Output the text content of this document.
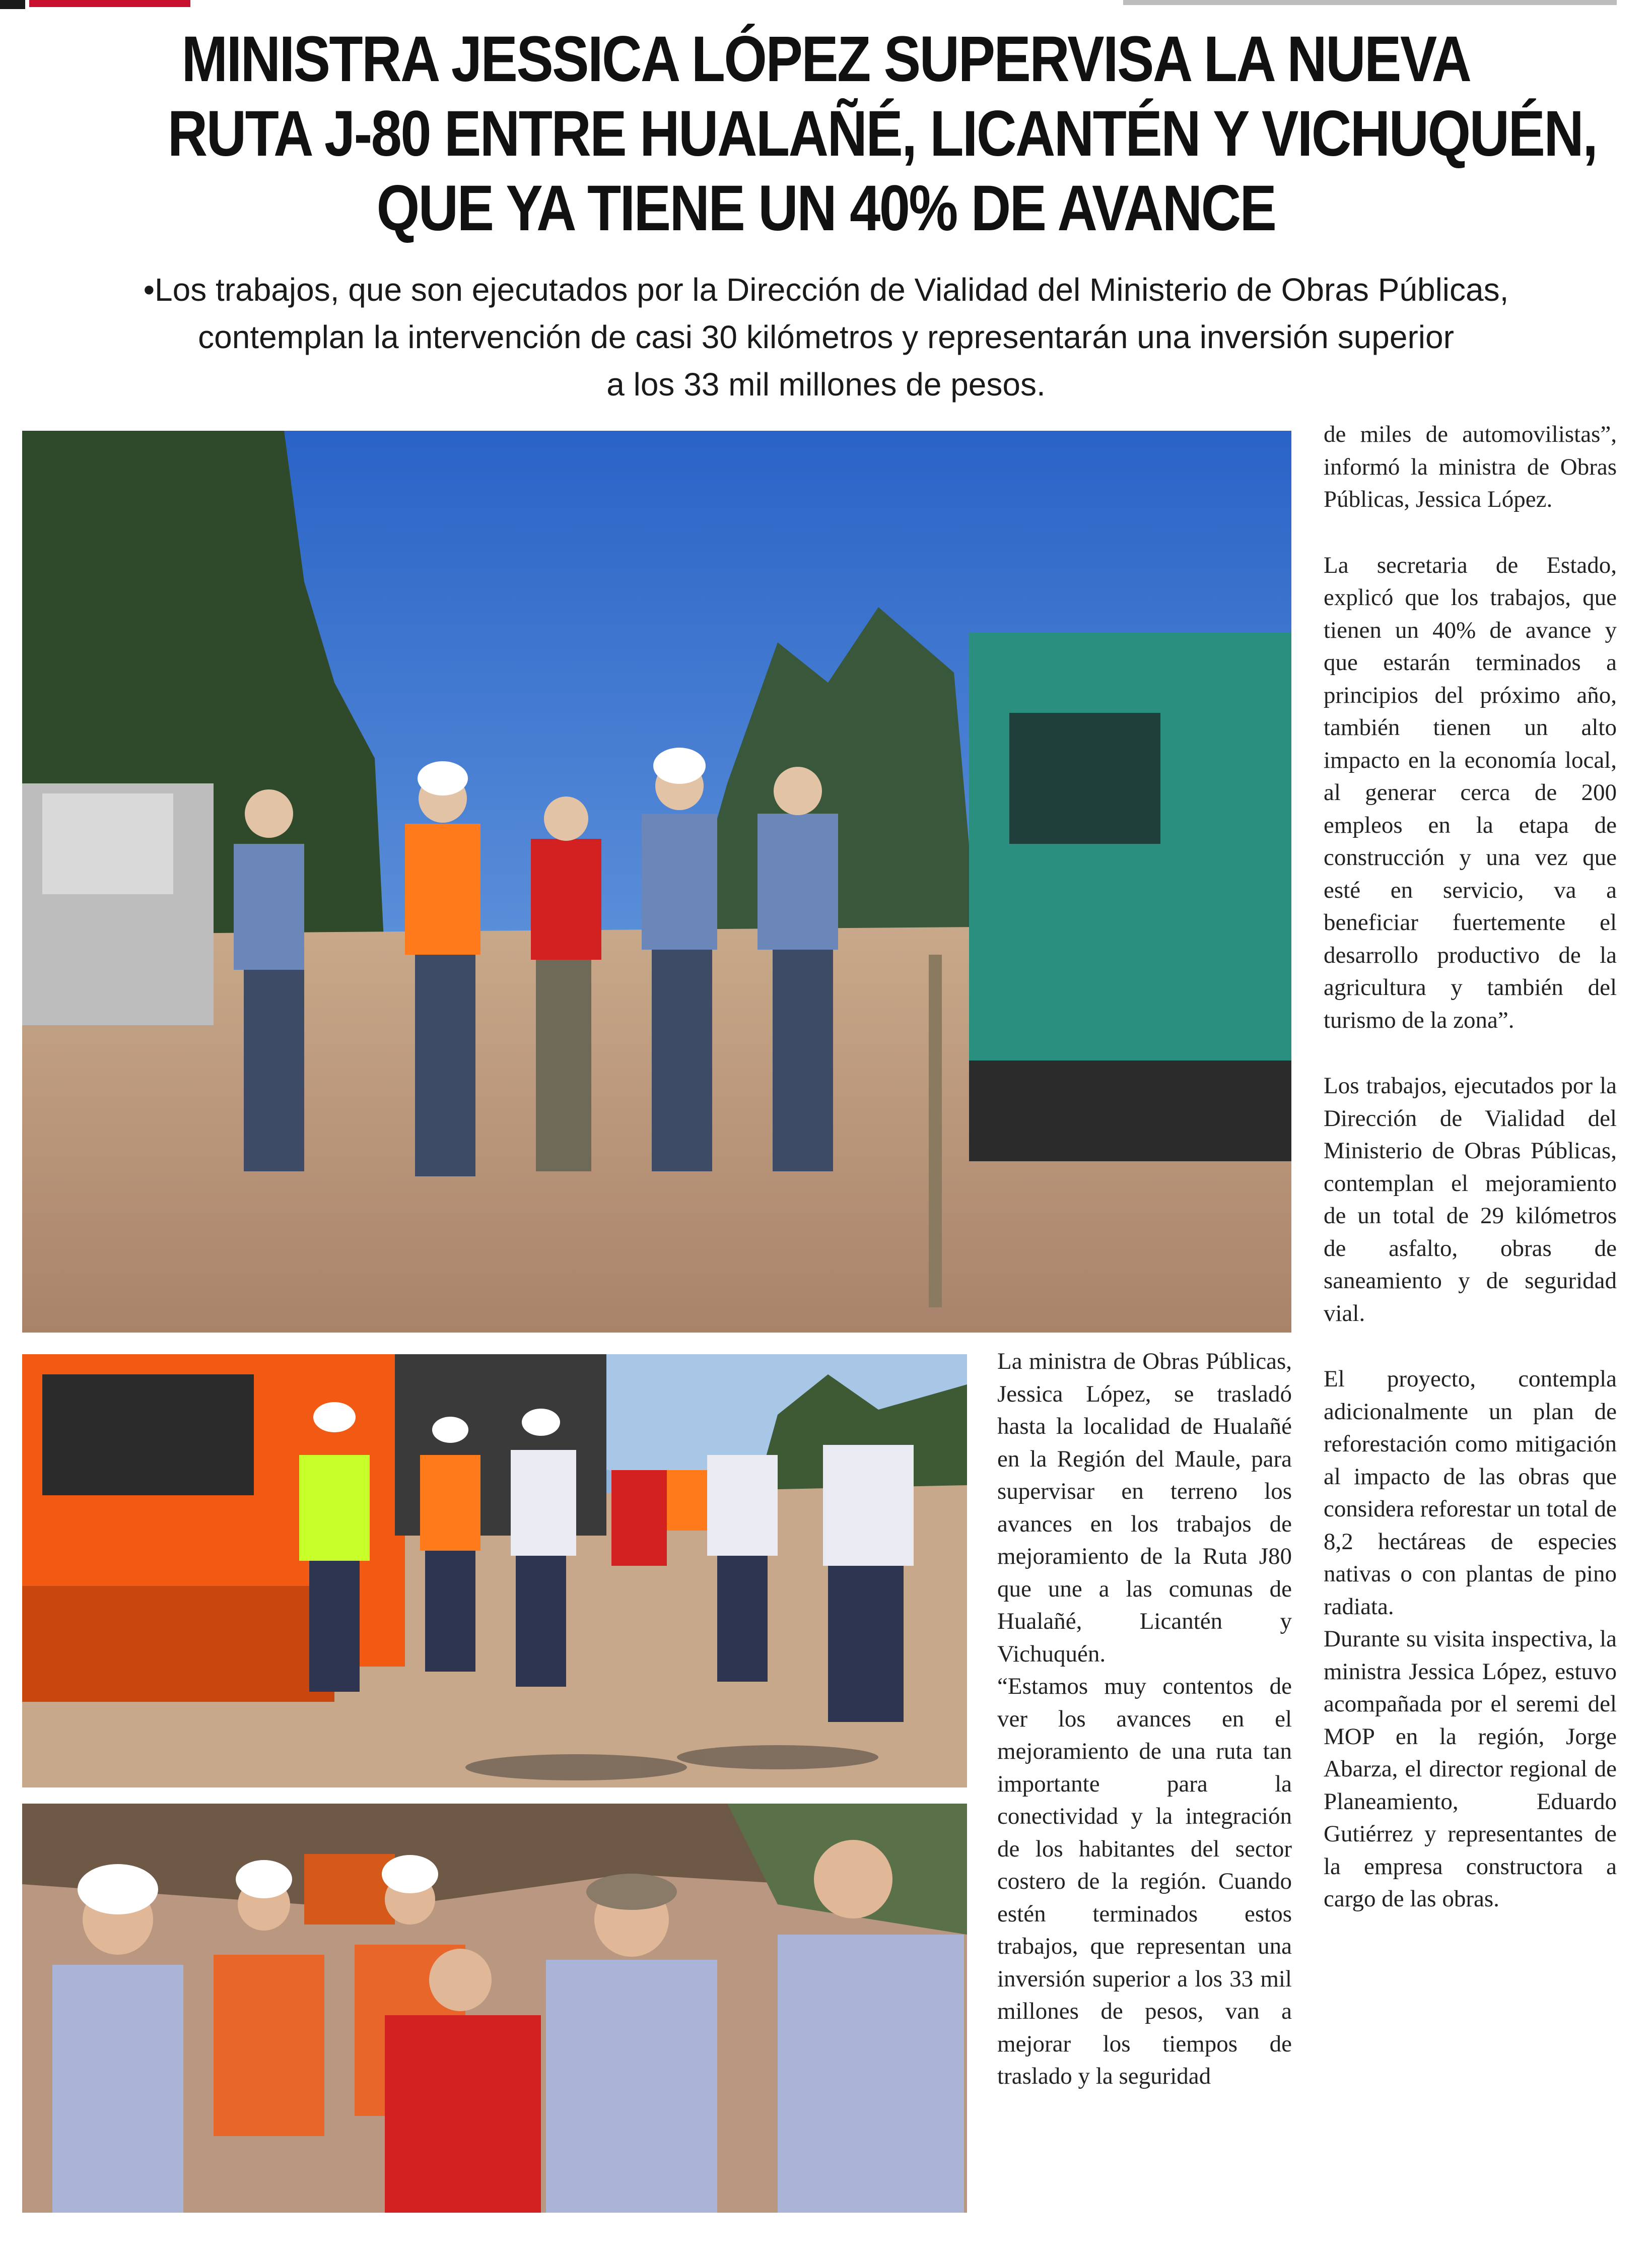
MINISTRA JESSICA LÓPEZ SUPERVISA LA NUEVA
RUTA J-80 ENTRE HUALAÑÉ, LICANTÉN Y VICHUQUÉN,
QUE YA TIENE UN 40% DE AVANCE
•Los trabajos, que son ejecutados por la Dirección de Vialidad del Ministerio de Obras Públicas,
contemplan la intervención de casi 30 kilómetros y representarán una inversión superior
a los 33 mil millones de pesos.

La ministra de Obras Públicas, Jessica López, se trasladó hasta la localidad de Hualañé en la Región del Maule, para supervisar en terreno los avances en los trabajos de mejoramiento de la Ruta J80 que une a las comunas de Hualañé, Licantén y Vichuquén.

“Estamos muy contentos de ver los avances en el mejoramiento de una ruta tan importante para la conectividad y la integración de los habitantes del sector costero de la región. Cuando estén terminados estos trabajos, que representan una inversión superior a los 33 mil millones de pesos, van a mejorar los tiempos de traslado y la seguridad

de miles de automovilistas”, informó la ministra de Obras Públicas, Jessica López.

La secretaria de Estado, explicó que los trabajos, que tienen un 40% de avance y que estarán terminados a principios del próximo año, también tienen un alto impacto en la economía local, al generar cerca de 200 empleos en la etapa de construcción y una vez que esté en servicio, va a beneficiar fuertemente el desarrollo productivo de la agricultura y también del turismo de la zona”.

Los trabajos, ejecutados por la Dirección de Vialidad del Ministerio de Obras Públicas, contemplan el mejoramiento de un total de 29 kilómetros de asfalto, obras de saneamiento y de seguridad vial.

El proyecto, contempla adicionalmente un plan de reforestación como mitigación al impacto de las obras que considera reforestar un total de 8,2 hectáreas de especies nativas o con plantas de pino radiata.

Durante su visita inspectiva, la ministra Jessica López, estuvo acompañada por el seremi del MOP en la región, Jorge Abarza, el director regional de Planeamiento, Eduardo Gutiérrez y representantes de la empresa constructora a cargo de las obras.
